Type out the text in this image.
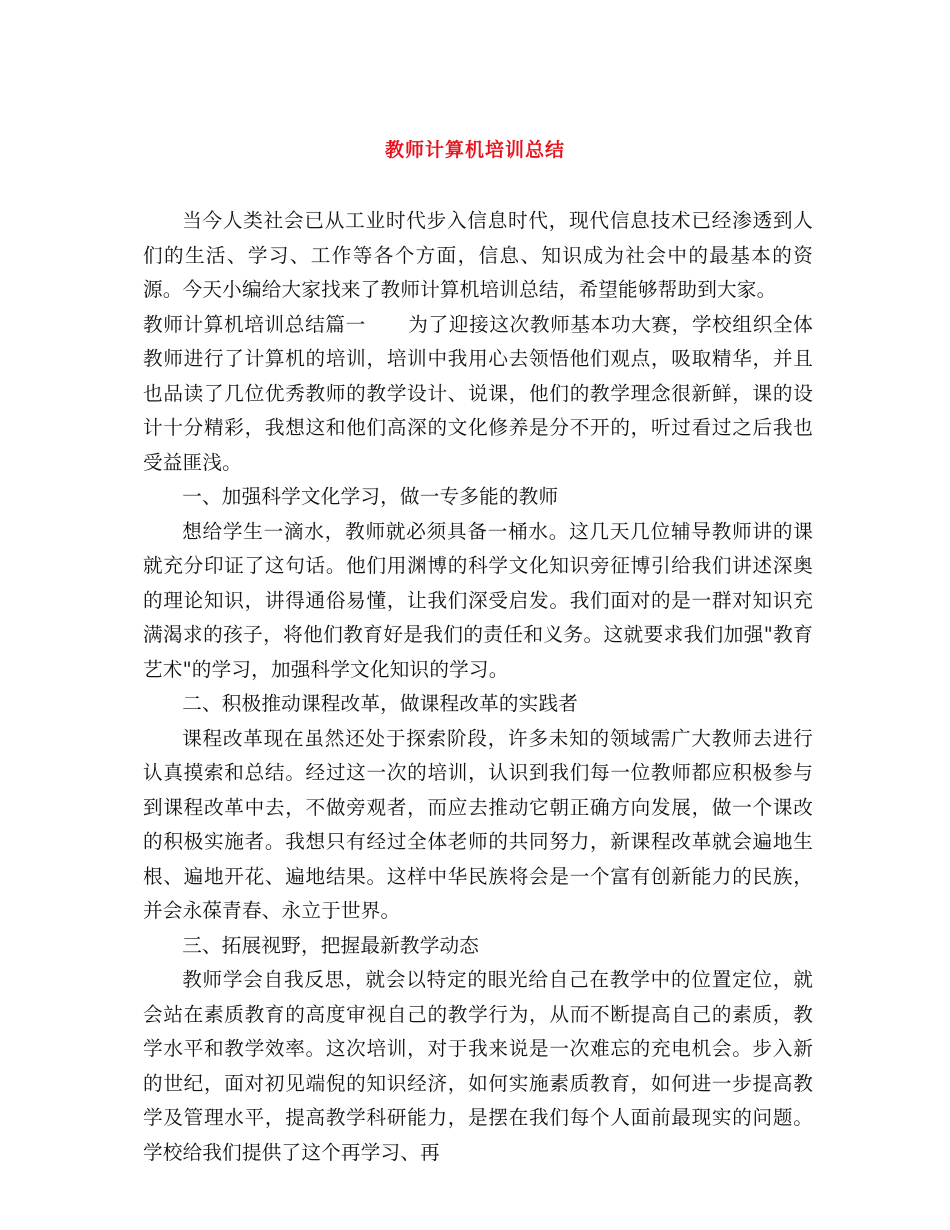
教师计算机培训总结

当今人类社会已从工业时代步入信息时代，现代信息技术已经渗透到人们的生活、学习、工作等各个方面，信息、知识成为社会中的最基本的资源。今天小编给大家找来了教师计算机培训总结，希望能够帮助到大家。

教师计算机培训总结篇一 为了迎接这次教师基本功大赛，学校组织全体教师进行了计算机的培训，培训中我用心去领悟他们观点，吸取精华，并且也品读了几位优秀教师的教学设计、说课，他们的教学理念很新鲜，课的设计十分精彩，我想这和他们高深的文化修养是分不开的，听过看过之后我也受益匪浅。

一、加强科学文化学习，做一专多能的教师

想给学生一滴水，教师就必须具备一桶水。这几天几位辅导教师讲的课就充分印证了这句话。他们用渊博的科学文化知识旁征博引给我们讲述深奥的理论知识，讲得通俗易懂，让我们深受启发。我们面对的是一群对知识充满渴求的孩子，将他们教育好是我们的责任和义务。这就要求我们加强"教育艺术"的学习，加强科学文化知识的学习。

二、积极推动课程改革，做课程改革的实践者

课程改革现在虽然还处于探索阶段，许多未知的领域需广大教师去进行认真摸索和总结。经过这一次的培训，认识到我们每一位教师都应积极参与到课程改革中去，不做旁观者，而应去推动它朝正确方向发展，做一个课改的积极实施者。我想只有经过全体老师的共同努力，新课程改革就会遍地生根、遍地开花、遍地结果。这样中华民族将会是一个富有创新能力的民族，并会永葆青春、永立于世界。

三、拓展视野，把握最新教学动态

教师学会自我反思，就会以特定的眼光给自己在教学中的位置定位，就会站在素质教育的高度审视自己的教学行为，从而不断提高自己的素质，教学水平和教学效率。这次培训，对于我来说是一次难忘的充电机会。步入新的世纪，面对初见端倪的知识经济，如何实施素质教育，如何进一步提高教学及管理水平，提高教学科研能力，是摆在我们每个人面前最现实的问题。学校给我们提供了这个再学习、再
